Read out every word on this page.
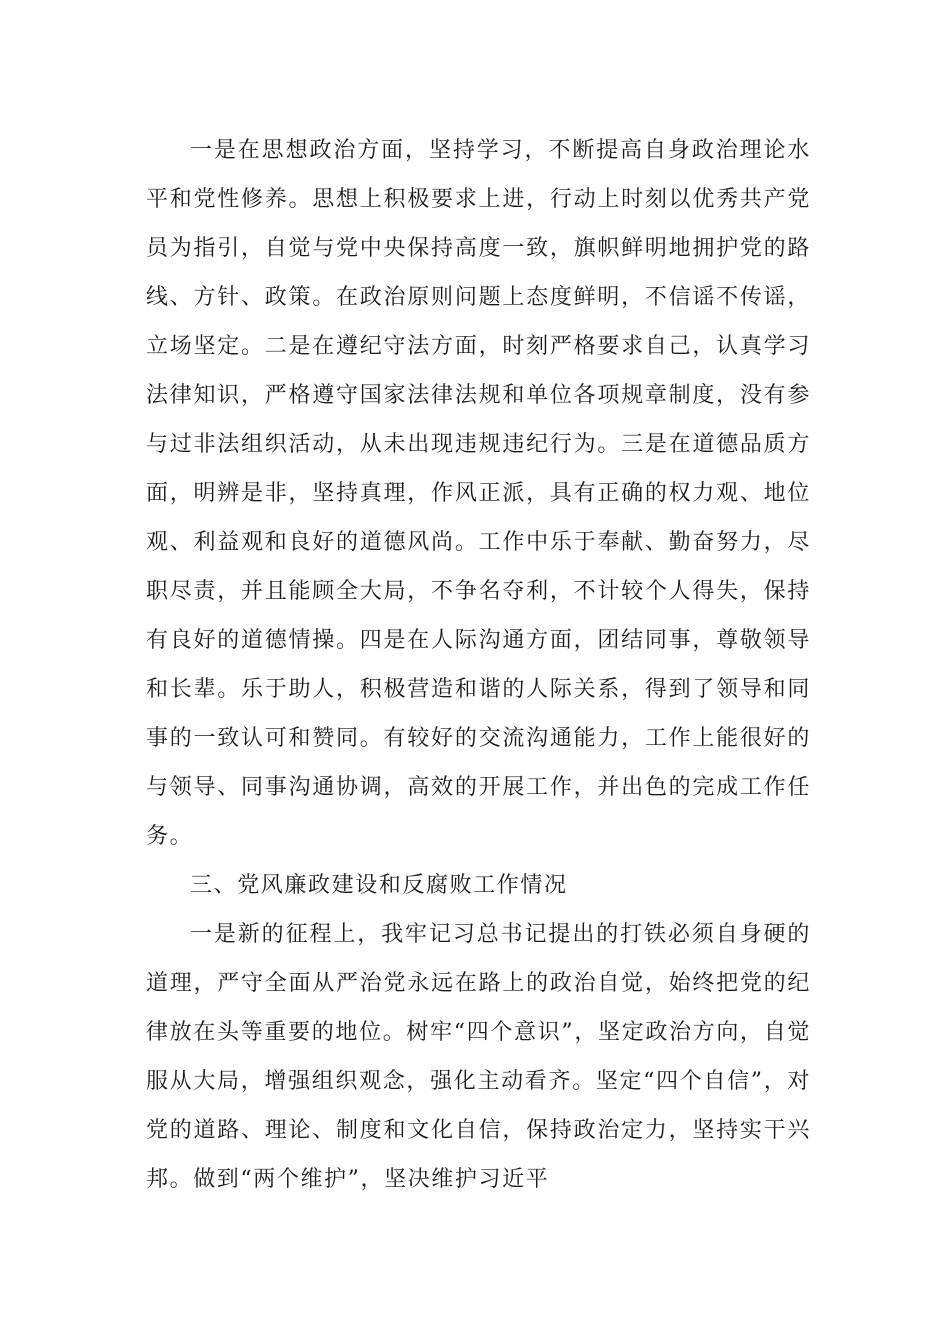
一是在思想政治方面，坚持学习，不断提高自身政治理论水平和党性修养。思想上积极要求上进，行动上时刻以优秀共产党员为指引，自觉与党中央保持高度一致，旗帜鲜明地拥护党的路线、方针、政策。在政治原则问题上态度鲜明，不信谣不传谣，立场坚定。二是在遵纪守法方面，时刻严格要求自己，认真学习法律知识，严格遵守国家法律法规和单位各项规章制度，没有参与过非法组织活动，从未出现违规违纪行为。三是在道德品质方面，明辨是非，坚持真理，作风正派，具有正确的权力观、地位观、利益观和良好的道德风尚。工作中乐于奉献、勤奋努力，尽职尽责，并且能顾全大局，不争名夺利，不计较个人得失，保持有良好的道德情操。四是在人际沟通方面，团结同事，尊敬领导和长辈。乐于助人，积极营造和谐的人际关系，得到了领导和同事的一致认可和赞同。有较好的交流沟通能力，工作上能很好的与领导、同事沟通协调，高效的开展工作，并出色的完成工作任务。

三、党风廉政建设和反腐败工作情况

一是新的征程上，我牢记习总书记提出的打铁必须自身硬的道理，严守全面从严治党永远在路上的政治自觉，始终把党的纪律放在头等重要的地位。树牢“四个意识”，坚定政治方向，自觉服从大局，增强组织观念，强化主动看齐。坚定“四个自信”，对党的道路、理论、制度和文化自信，保持政治定力，坚持实干兴邦。做到“两个维护”，坚决维护习近平
